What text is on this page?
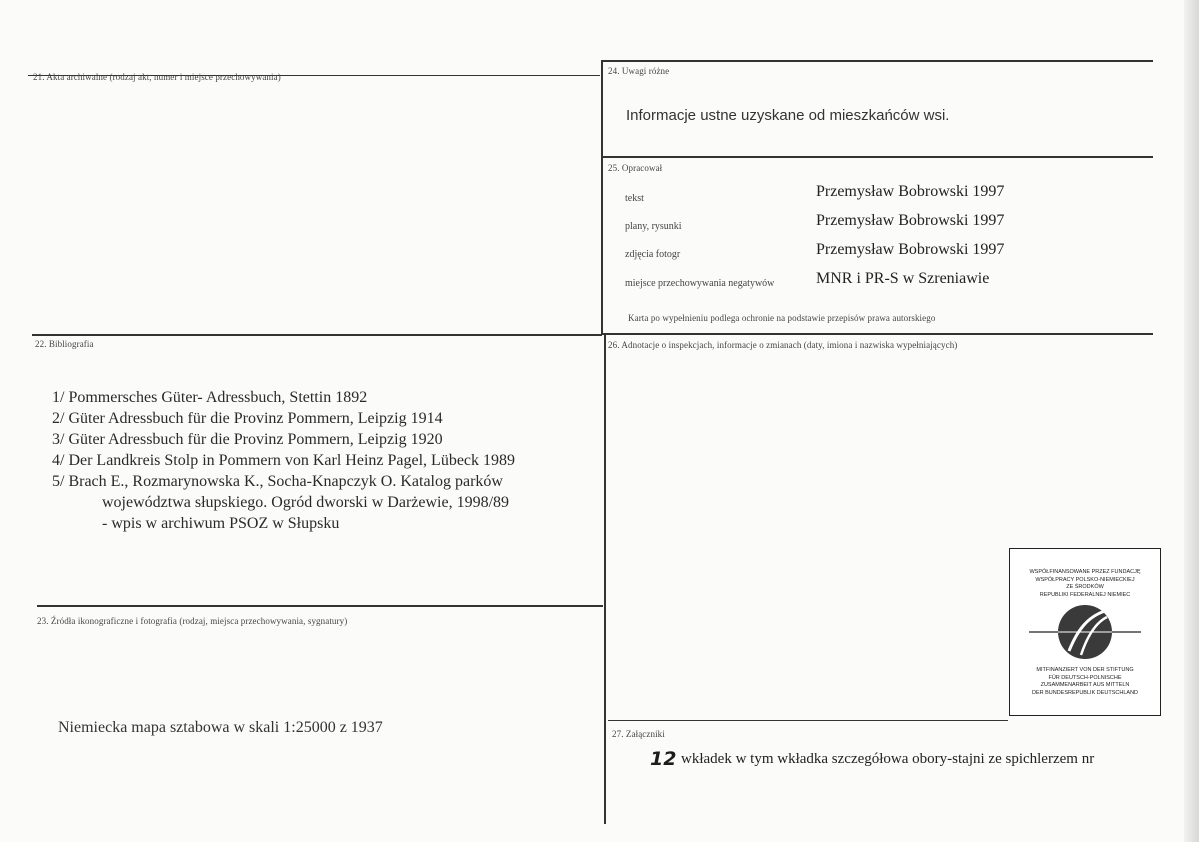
21. Akta archiwalne (rodzaj akt, numer i miejsce przechowywania)
22. Bibliografia
1/ Pommersches Güter- Adressbuch, Stettin 1892
2/ Güter Adressbuch für die Provinz Pommern, Leipzig 1914
3/ Güter Adressbuch für die Provinz Pommern, Leipzig 1920
4/ Der Landkreis Stolp in Pommern von Karl Heinz Pagel, Lübeck 1989
5/ Brach E., Rozmarynowska K., Socha-Knapczyk O. Katalog parków
województwa słupskiego. Ogród dworski w Darżewie, 1998/89
- wpis w archiwum PSOZ w Słupsku
23. Źródła ikonograficzne i fotografia (rodzaj, miejsca przechowywania, sygnatury)
Niemiecka mapa sztabowa w skali 1:25000 z 1937
24. Uwagi różne
Informacje ustne uzyskane od mieszkańców wsi.
25. Opracował
tekst	Przemysław Bobrowski 1997
plany, rysunki	Przemysław Bobrowski 1997
zdjęcia fotogr	Przemysław Bobrowski 1997
miejsce przechowywania negatywów	MNR i PR-S w Szreniawie
Karta po wypełnieniu podlega ochronie na podstawie przepisów prawa autorskiego
26. Adnotacje o inspekcjach, informacje o zmianach (daty, imiona i nazwiska wypełniających)
WSPÓŁFINANSOWANE PRZEZ FUNDACJĘ
WSPÓŁPRACY POLSKO-NIEMIECKIEJ
ZE ŚRODKÓW
REPUBLIKI FEDERALNEJ NIEMIEC
MITFINANZIERT VON DER STIFTUNG
FÜR DEUTSCH-POLNISCHE
ZUSAMMENARBEIT AUS MITTELN
DER BUNDESREPUBLIK DEUTSCHLAND
27. Załączniki
12 wkładek w tym wkładka szczegółowa obory-stajni ze spichlerzem nr
